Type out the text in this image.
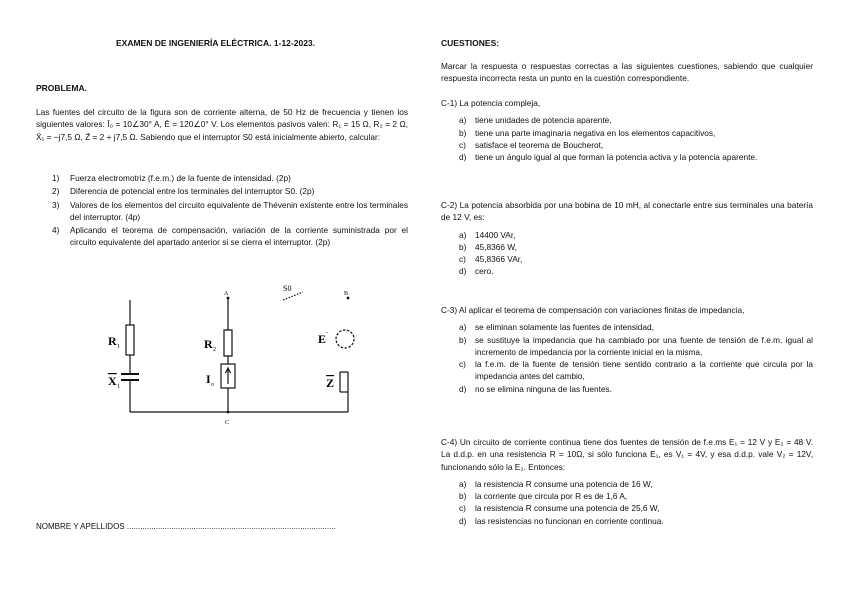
EXAMEN DE INGENIERÍA ELÉCTRICA. 1-12-2023.
PROBLEMA.
Las fuentes del circuito de la figura son de corriente alterna, de 50 Hz de frecuencia y tienen los siguientes valores: Ī₀ = 10∠30° A, Ē = 120∠0° V. Los elementos pasivos valen: R₁ = 15 Ω, R₂ = 2 Ω, X̄₁ = −j7,5 Ω, Z̄ = 2 + j7,5 Ω. Sabiendo que el interruptor S0 está inicialmente abierto, calcular:
1)	Fuerza electromotriz (f.e.m.) de la fuente de intensidad. (2p)
2)	Diferencia de potencial entre los terminales del interruptor S0. (2p)
3)	Valores de los elementos del circuito equivalente de Thévenin existente entre los terminales del interruptor. (4p)
4)	Aplicando el teorema de compensación, variación de la corriente suministrada por el circuito equivalente del apartado anterior si se cierra el interruptor. (2p)
R 1
X 1
R 2
I o
E -
Z
A	B
C
S0
NOMBRE Y APELLIDOS ..............................................................................................
CUESTIONES:
Marcar la respuesta o respuestas correctas a las siguientes cuestiones, sabiendo que cualquier respuesta incorrecta resta un punto en la cuestión correspondiente.
C-1) La potencia compleja,
a)	tiene unidades de potencia aparente,
b)	tiene una parte imaginaria negativa en los elementos capacitivos,
c)	satisface el teorema de Boucherot,
d)	tiene un ángulo igual al que forman la potencia activa y la potencia aparente.
C-2) La potencia absorbida por una bobina de 10 mH, al conectarle entre sus terminales una batería de 12 V, es:
a)	14400 VAr,
b)	45,8366 W,
c)	45,8366 VAr,
d)	cero.
C-3) Al aplicar el teorema de compensación con variaciones finitas de impedancia,
a)	se eliminan solamente las fuentes de intensidad,
b)	se sustituye la impedancia que ha cambiado por una fuente de tensión de f.e.m. igual al incremento de impedancia por la corriente inicial en la misma,
c)	la f.e.m. de la fuente de tensión tiene sentido contrario a la corriente que circula por la impedancia antes del cambio,
d)	no se elimina ninguna de las fuentes.
C-4) Un circuito de corriente continua tiene dos fuentes de tensión de f.e.ms E₁ = 12 V y E₂ = 48 V. La d.d.p. en una resistencia R = 10Ω, si sólo funciona E₁, es V₁ = 4V, y esa d.d.p. vale V₂ = 12V, funcionando sólo la E₂. Entonces:
a)	la resistencia R consume una potencia de 16 W,
b)	la corriente que circula por R es de 1,6 A,
c)	la resistencia R consume una potencia de 25,6 W,
d)	las resistencias no funcionan en corriente continua.
